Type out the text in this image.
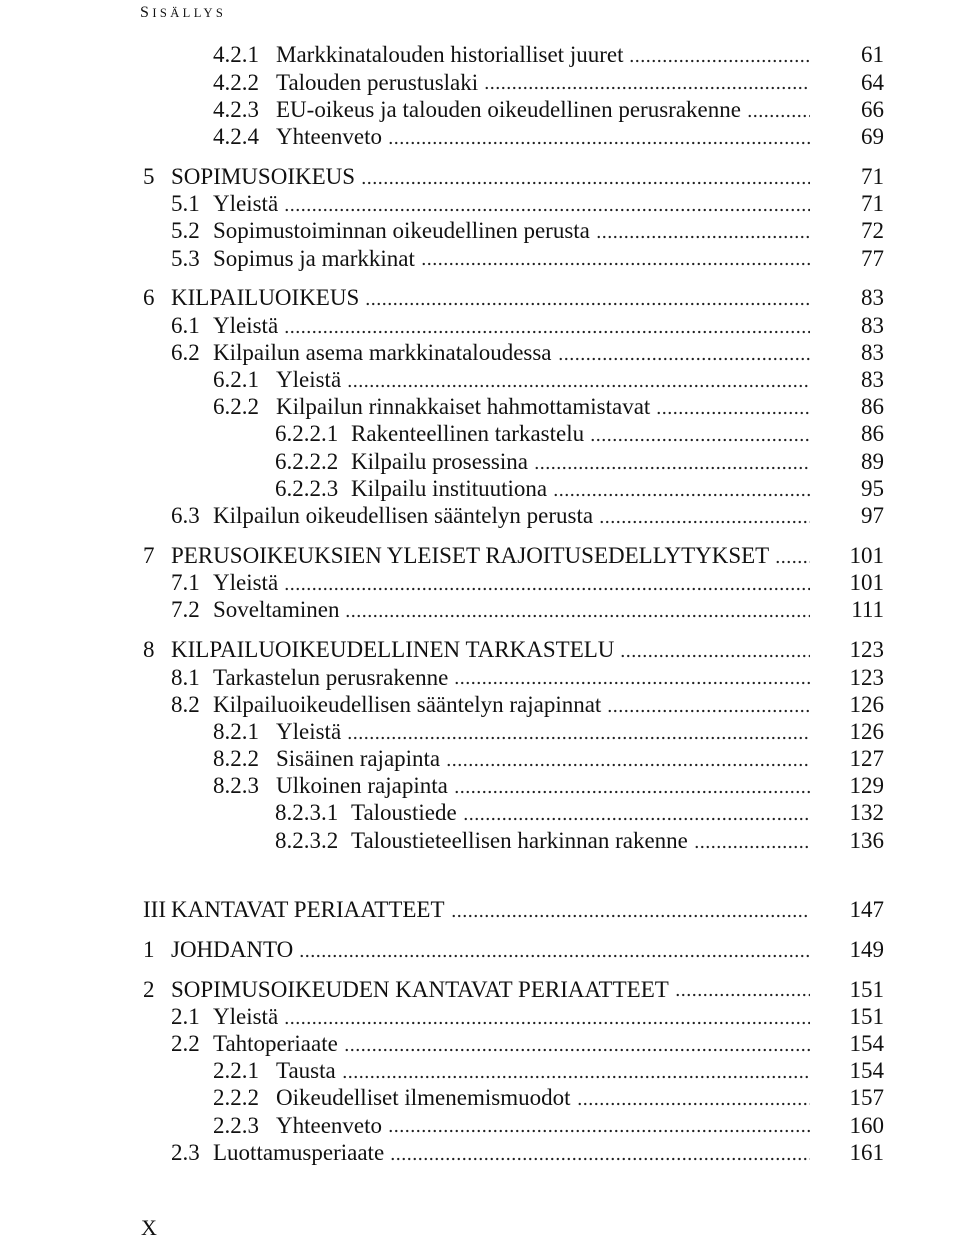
SISÄLLYS
4.2.1 Markkinatalouden historialliset juuret	61
4.2.2 Talouden perustuslaki	64
4.2.3 EU-oikeus ja talouden oikeudellinen perusrakenne	66
4.2.4 Yhteenveto	69
5 SOPIMUSOIKEUS	71
5.1 Yleistä	71
5.2 Sopimustoiminnan oikeudellinen perusta	72
5.3 Sopimus ja markkinat	77
6 KILPAILUOIKEUS	83
6.1 Yleistä	83
6.2 Kilpailun asema markkinataloudessa	83
6.2.1 Yleistä	83
6.2.2 Kilpailun rinnakkaiset hahmottamistavat	86
6.2.2.1 Rakenteellinen tarkastelu	86
6.2.2.2 Kilpailu prosessina	89
6.2.2.3 Kilpailu instituutiona	95
6.3 Kilpailun oikeudellisen sääntelyn perusta	97
7 PERUSOIKEUKSIEN YLEISET RAJOITUSEDELLYTYKSET	101
7.1 Yleistä	101
7.2 Soveltaminen	111
8 KILPAILUOIKEUDELLINEN TARKASTELU	123
8.1 Tarkastelun perusrakenne	123
8.2 Kilpailuoikeudellisen sääntelyn rajapinnat	126
8.2.1 Yleistä	126
8.2.2 Sisäinen rajapinta	127
8.2.3 Ulkoinen rajapinta	129
8.2.3.1 Taloustiede	132
8.2.3.2 Taloustieteellisen harkinnan rakenne	136
III KANTAVAT PERIAATTEET	147
1 JOHDANTO	149
2 SOPIMUSOIKEUDEN KANTAVAT PERIAATTEET	151
2.1 Yleistä	151
2.2 Tahtoperiaate	154
2.2.1 Tausta	154
2.2.2 Oikeudelliset ilmenemismuodot	157
2.2.3 Yhteenveto	160
2.3 Luottamusperiaate	161
X
